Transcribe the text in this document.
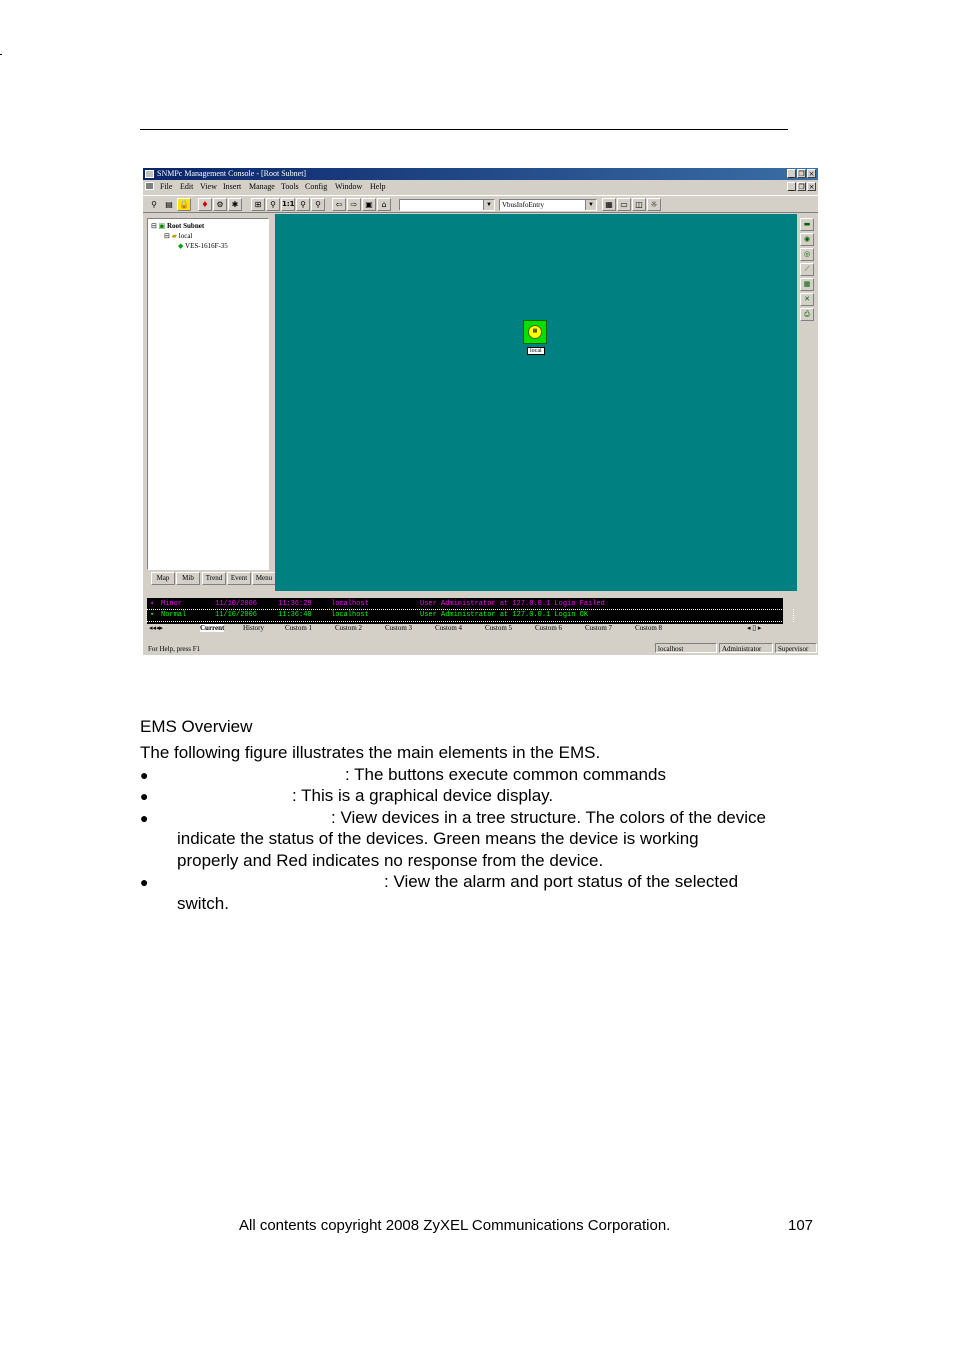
SNMPc Management Console - [Root Subnet]	_ ❐ ×
File Edit View Insert Manage Tools Config Window Help	_ ❐ ×
⚲	▤ 🔒	♦ ⚙	✱	⊞	⚲ 1:1 ⚲	⚲	⇦	⇨ ▣	⌂	▼	VbusInfoEntry	▼	▦ ▭ ◫ ☼
⊟ ▣ Root Subnet
⊟ ▰ local
◆ VES-1616F-35
Map	Mib	Trend	Event	Menu
▦
local
▬
◉
◎
⟋
▦
✕
⎙
▪ Minor	11/10/2006	11:36:29	localhost	User Administrator at 127.0.0.1 Login Failed
▪ Normal	11/10/2006	11:36:40	localhost	User Administrator at 127.0.0.1 Login OK
◂◂◂▸	Current	History	Custom 1	Custom 2	Custom 3	Custom 4	Custom 5	Custom 6	Custom 7	Custom 8	◂ ▯ ▸
For Help, press F1	localhost	Administrator	Supervisor
EMS Overview
The following figure illustrates the main elements in the EMS.
●	: The buttons execute common commands
●	: This is a graphical device display.
●	: View devices in a tree structure. The colors of the device
indicate the status of the devices. Green means the device is working
properly and Red indicates no response from the device.
●	: View the alarm and port status of the selected
switch.
All contents copyright 2008 ZyXEL Communications Corporation.	107
